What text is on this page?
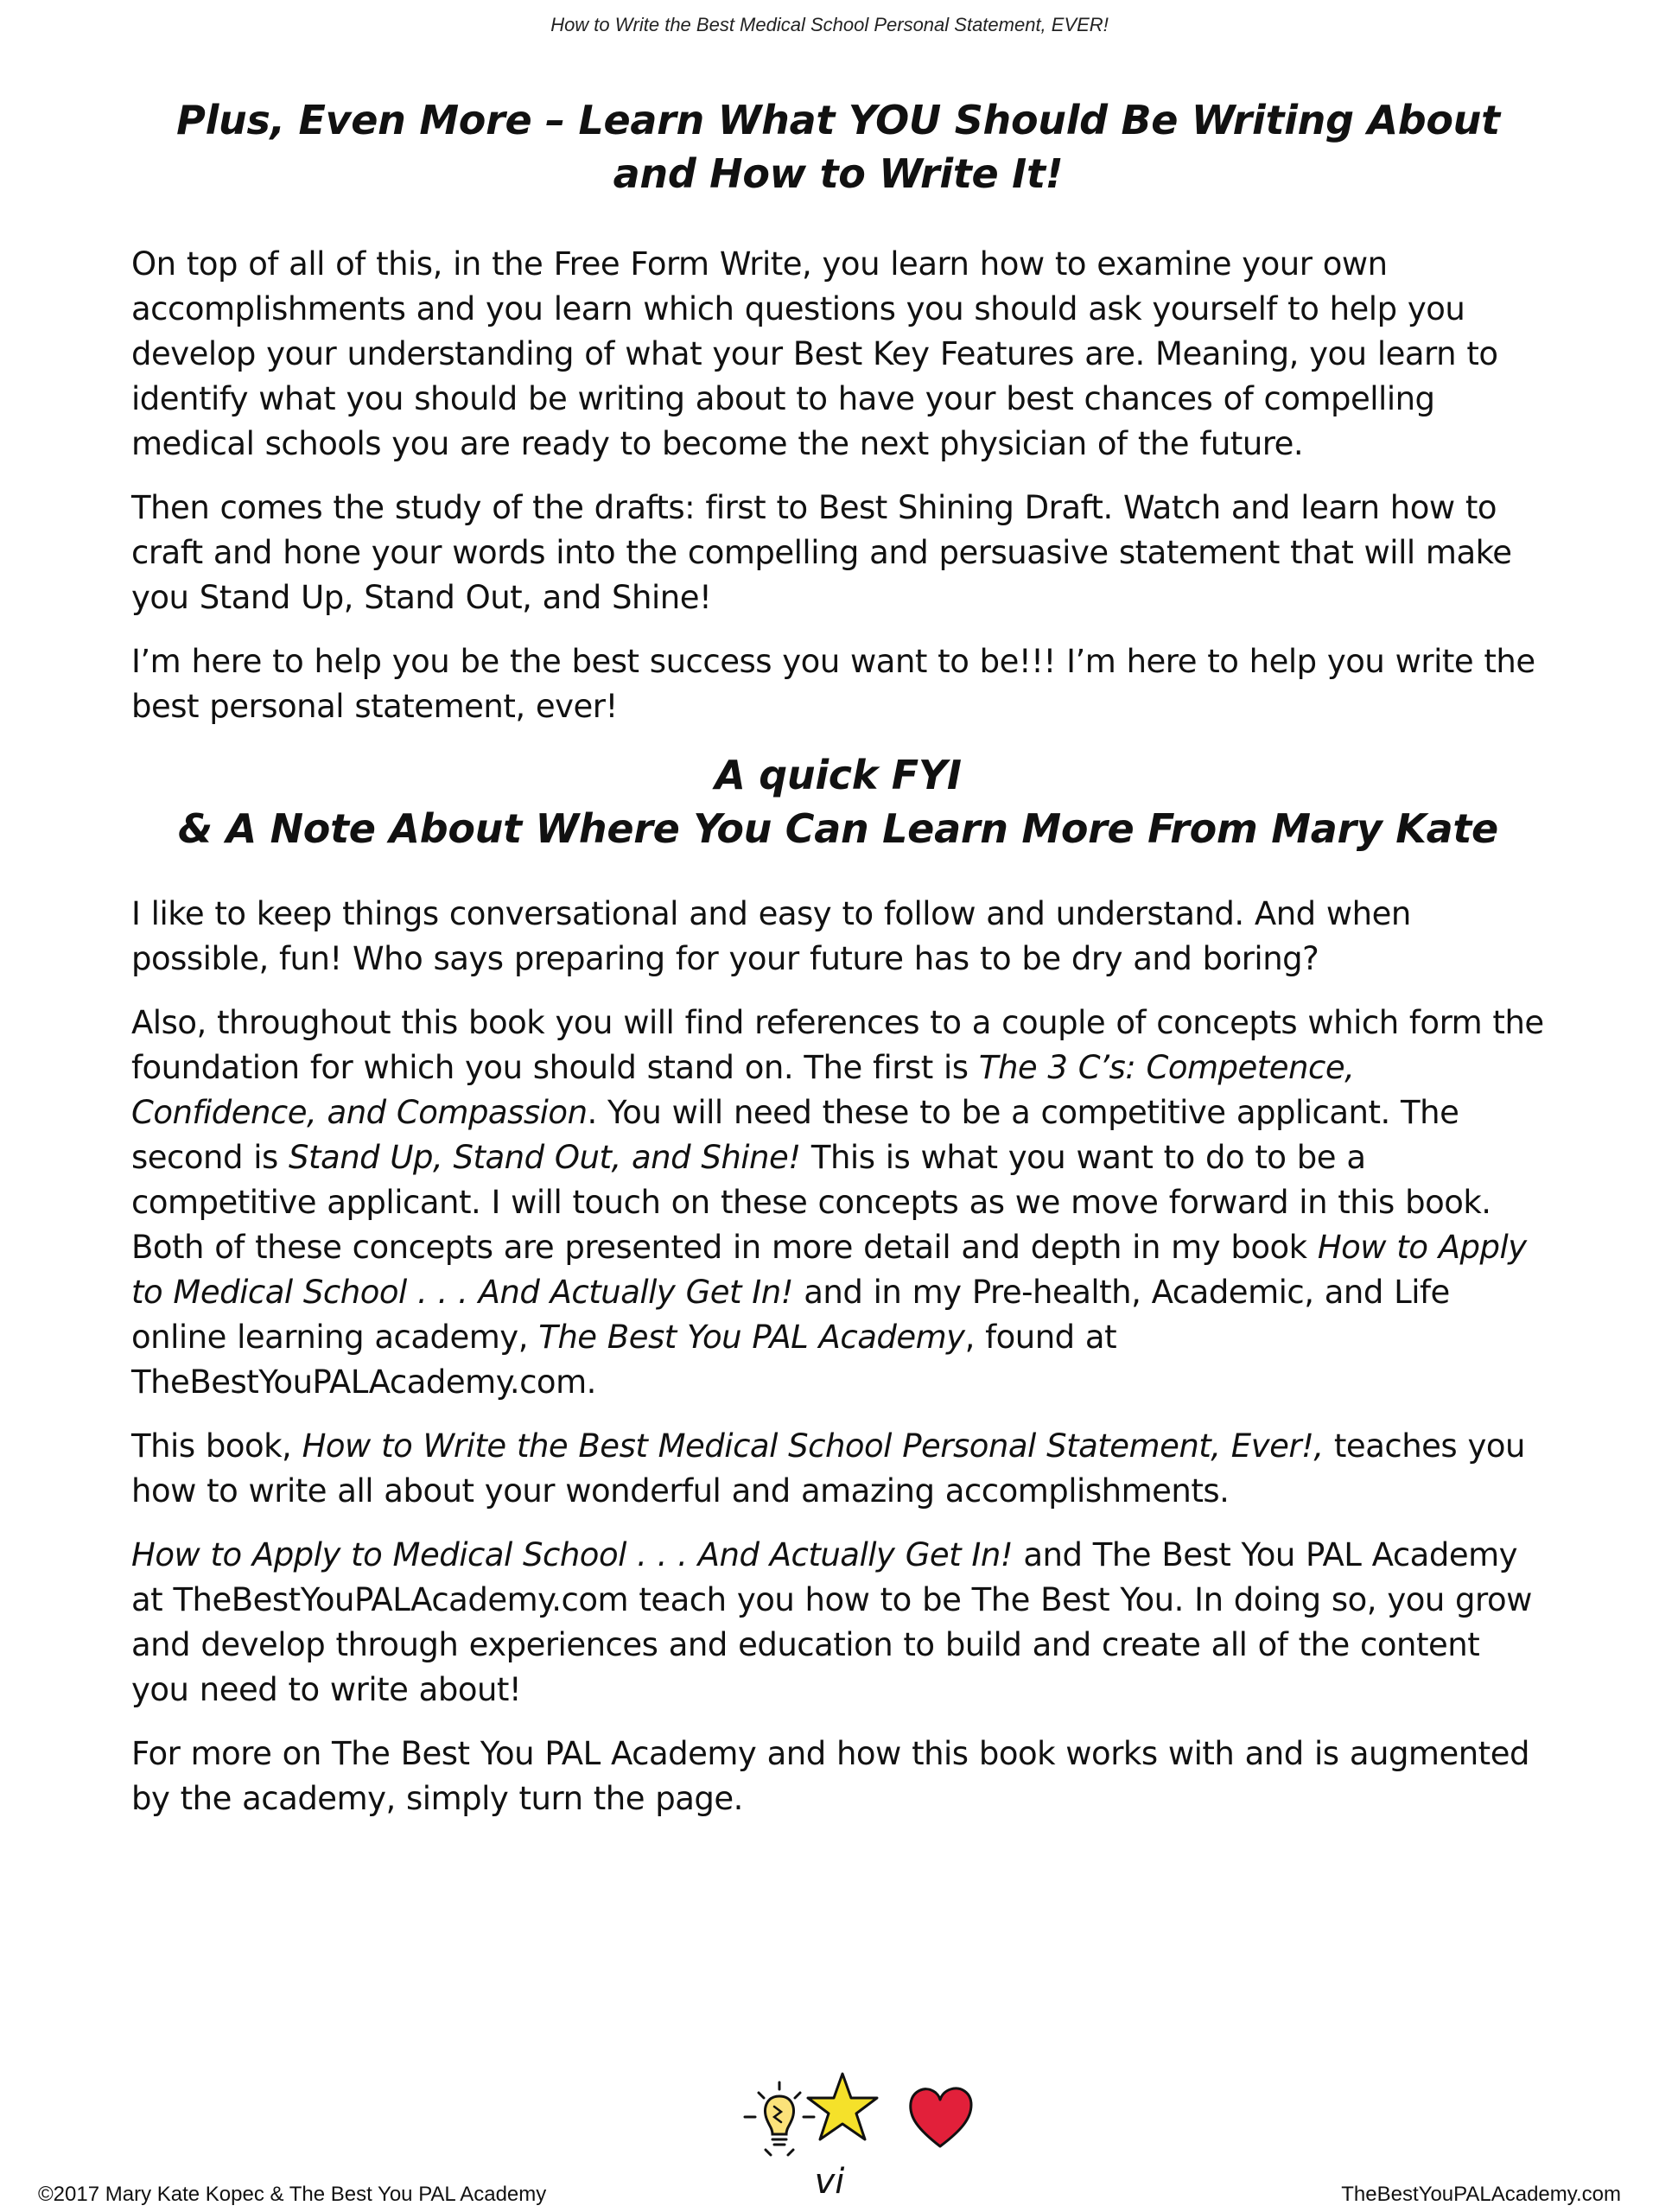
How to Write the Best Medical School Personal Statement, EVER!
Plus, Even More – Learn What YOU Should Be Writing About
and How to Write It!

On top of all of this, in the Free Form Write, you learn how to examine your own accomplishments and you learn which questions you should ask yourself to help you develop your understanding of what your Best Key Features are. Meaning, you learn to identify what you should be writing about to have your best chances of compelling medical schools you are ready to become the next physician of the future.

Then comes the study of the drafts: first to Best Shining Draft. Watch and learn how to craft and hone your words into the compelling and persuasive statement that will make you Stand Up, Stand Out, and Shine!

I’m here to help you be the best success you want to be!!! I’m here to help you write the best personal statement, ever!

A quick FYI
& A Note About Where You Can Learn More From Mary Kate

I like to keep things conversational and easy to follow and understand. And when possible, fun! Who says preparing for your future has to be dry and boring?

Also, throughout this book you will find references to a couple of concepts which form the foundation for which you should stand on. The first is The 3 C’s: Competence, Confidence, and Compassion. You will need these to be a competitive applicant. The second is Stand Up, Stand Out, and Shine! This is what you want to do to be a competitive applicant. I will touch on these concepts as we move forward in this book. Both of these concepts are presented in more detail and depth in my book How to Apply to Medical School . . . And Actually Get In! and in my Pre-health, Academic, and Life online learning academy, The Best You PAL Academy, found at TheBestYouPALAcademy.com.

This book, How to Write the Best Medical School Personal Statement, Ever!, teaches you how to write all about your wonderful and amazing accomplishments.

How to Apply to Medical School . . . And Actually Get In! and The Best You PAL Academy at TheBestYouPALAcademy.com teach you how to be The Best You. In doing so, you grow and develop through experiences and education to build and create all of the content you need to write about!

For more on The Best You PAL Academy and how this book works with and is augmented by the academy, simply turn the page.

©2017 Mary Kate Kopec & The Best You PAL Academy	vi	TheBestYouPALAcademy.com
